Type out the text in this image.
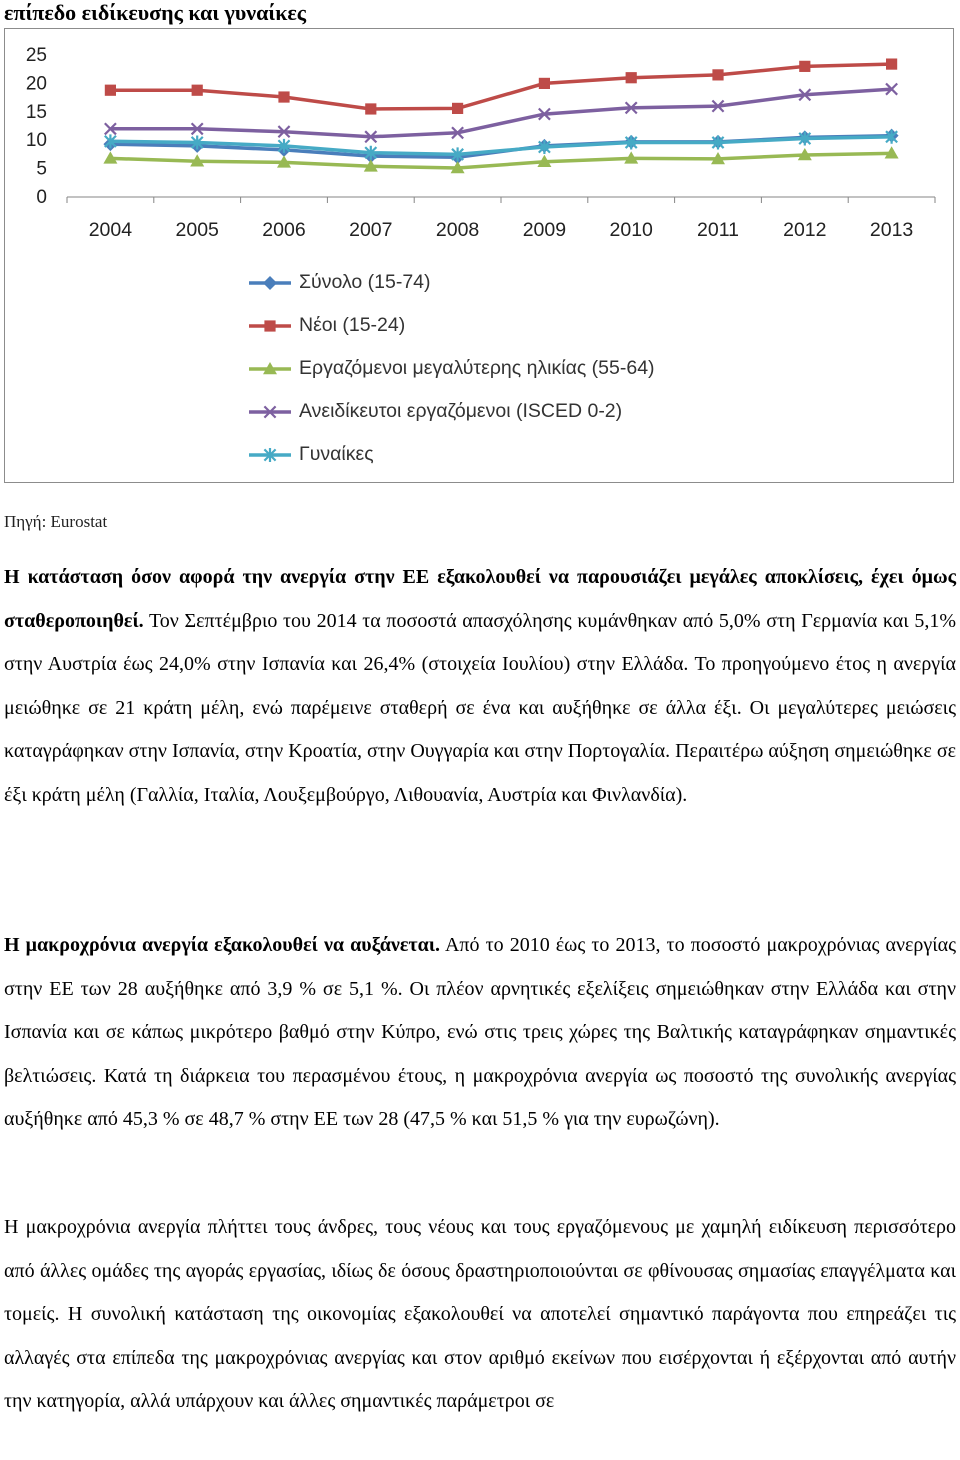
επίπεδο ειδίκευσης και γυναίκες
25
20
15
10
5
0
2004 2005 2006 2007 2008 2009 2010 2011 2012 2013
Σύνολο (15-74)
Νέοι (15-24)
Εργαζόμενοι μεγαλύτερης ηλικίας (55-64)
Ανειδίκευτοι εργαζόμενοι (ISCED 0-2)
Γυναίκες

Πηγή: Eurostat

Η κατάσταση όσον αφορά την ανεργία στην ΕΕ εξακολουθεί να παρουσιάζει μεγάλες αποκλίσεις, έχει όμως σταθεροποιηθεί. Τον Σεπτέμβριο του 2014 τα ποσοστά απασχόλησης κυμάνθηκαν από 5,0% στη Γερμανία και 5,1% στην Αυστρία έως 24,0% στην Ισπανία και 26,4% (στοιχεία Ιουλίου) στην Ελλάδα. Το προηγούμενο έτος η ανεργία μειώθηκε σε 21 κράτη μέλη, ενώ παρέμεινε σταθερή σε ένα και αυξήθηκε σε άλλα έξι. Οι μεγαλύτερες μειώσεις καταγράφηκαν στην Ισπανία, στην Κροατία, στην Ουγγαρία και στην Πορτογαλία. Περαιτέρω αύξηση σημειώθηκε σε έξι κράτη μέλη (Γαλλία, Ιταλία, Λουξεμβούργο, Λιθουανία, Αυστρία και Φινλανδία).

Η μακροχρόνια ανεργία εξακολουθεί να αυξάνεται. Από το 2010 έως το 2013, το ποσοστό μακροχρόνιας ανεργίας στην ΕΕ των 28 αυξήθηκε από 3,9 % σε 5,1 %. Οι πλέον αρνητικές εξελίξεις σημειώθηκαν στην Ελλάδα και στην Ισπανία και σε κάπως μικρότερο βαθμό στην Κύπρο, ενώ στις τρεις χώρες της Βαλτικής καταγράφηκαν σημαντικές βελτιώσεις. Κατά τη διάρκεια του περασμένου έτους, η μακροχρόνια ανεργία ως ποσοστό της συνολικής ανεργίας αυξήθηκε από 45,3 % σε 48,7 % στην ΕΕ των 28 (47,5 % και 51,5 % για την ευρωζώνη).

Η μακροχρόνια ανεργία πλήττει τους άνδρες, τους νέους και τους εργαζόμενους με χαμηλή ειδίκευση περισσότερο από άλλες ομάδες της αγοράς εργασίας, ιδίως δε όσους δραστηριοποιούνται σε φθίνουσας σημασίας επαγγέλματα και τομείς. Η συνολική κατάσταση της οικονομίας εξακολουθεί να αποτελεί σημαντικό παράγοντα που επηρεάζει τις αλλαγές στα επίπεδα της μακροχρόνιας ανεργίας και στον αριθμό εκείνων που εισέρχονται ή εξέρχονται από αυτήν την κατηγορία, αλλά υπάρχουν και άλλες σημαντικές παράμετροι σε
